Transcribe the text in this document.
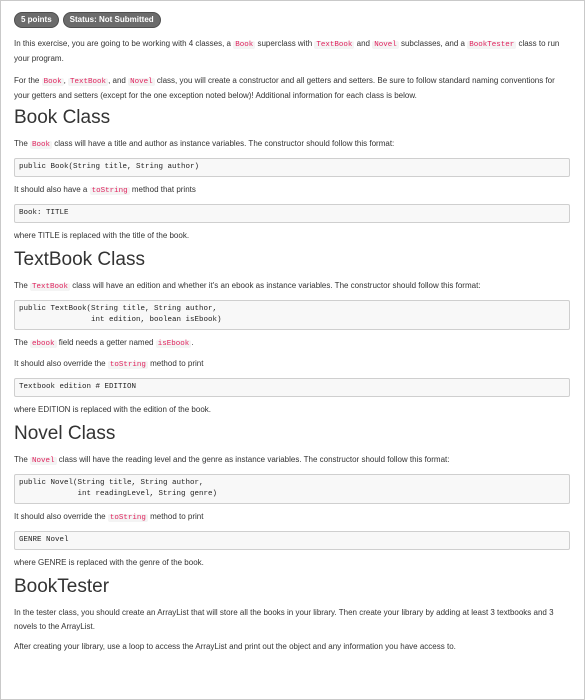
5 points	Status: Not Submitted

In this exercise, you are going to be working with 4 classes, a Book superclass with TextBook and Novel subclasses, and a BookTester class to run your program.

For the Book , TextBook , and Novel class, you will create a constructor and all getters and setters. Be sure to follow standard naming conventions for your getters and setters (except for the one exception noted below)! Additional information for each class is below.

Book Class

The Book class will have a title and author as instance variables. The constructor should follow this format:

public Book(String title, String author)

It should also have a toString method that prints

Book: TITLE

where TITLE is replaced with the title of the book.

TextBook Class

The TextBook class will have an edition and whether it's an ebook as instance variables. The constructor should follow this format:

public TextBook(String title, String author,
int edition, boolean isEbook)

The ebook field needs a getter named isEbook .

It should also override the toString method to print

Textbook edition # EDITION

where EDITION is replaced with the edition of the book.

Novel Class

The Novel class will have the reading level and the genre as instance variables. The constructor should follow this format:

public Novel(String title, String author,
int readingLevel, String genre)

It should also override the toString method to print

GENRE Novel

where GENRE is replaced with the genre of the book.

BookTester

In the tester class, you should create an ArrayList that will store all the books in your library. Then create your library by adding at least 3 textbooks and 3 novels to the ArrayList.

After creating your library, use a loop to access the ArrayList and print out the object and any information you have access to.
